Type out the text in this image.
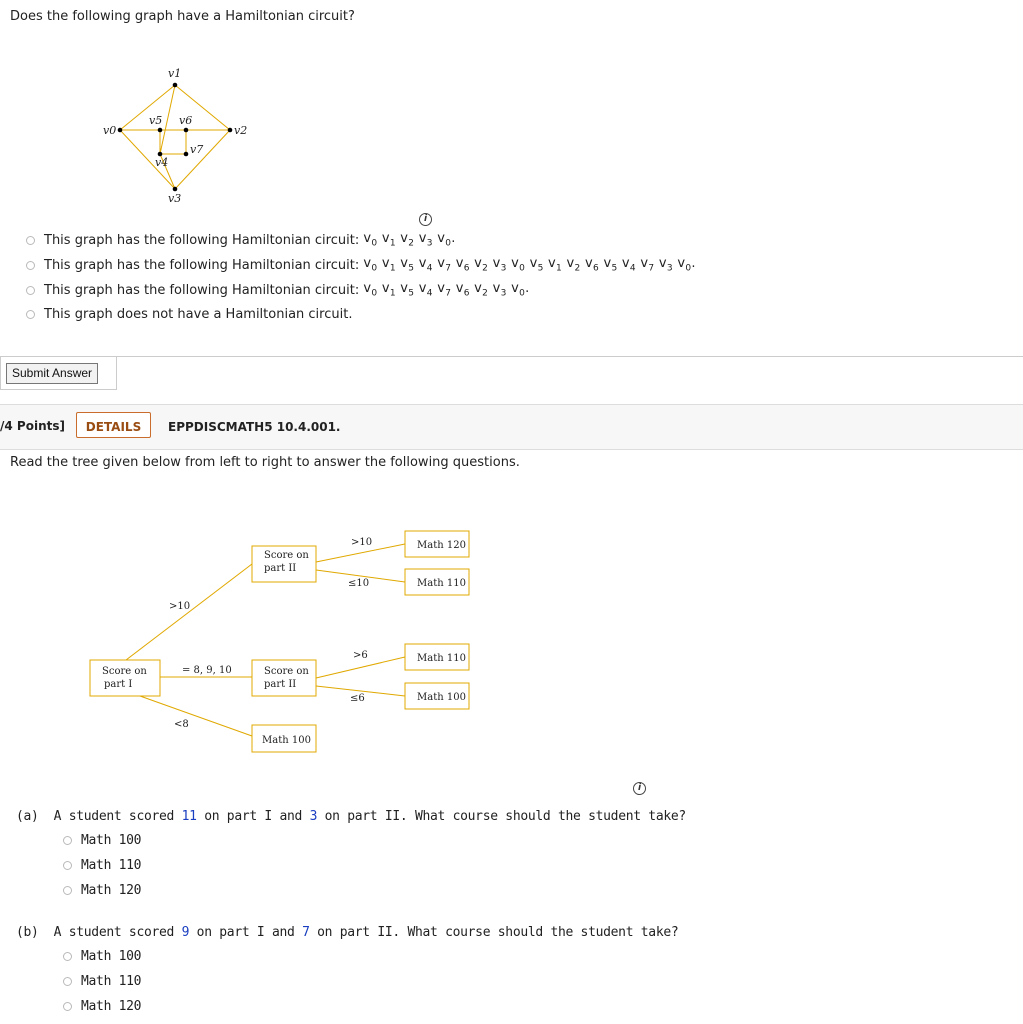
Does the following graph have a Hamiltonian circuit?
v1
v0	v2
v5 v6
v7
v4
v3
i
This graph has the following Hamiltonian circuit: $v_0$ $v_1$ $v_2$ $v_3$ $v_0$.
This graph has the following Hamiltonian circuit: $v_0$ $v_1$ $v_5$ $v_4$ $v_7$ $v_6$ $v_2$ $v_3$ $v_0$ $v_5$ $v_1$ $v_2$ $v_6$ $v_5$ $v_4$ $v_7$ $v_3$ $v_0$.
This graph has the following Hamiltonian circuit: $v_0$ $v_1$ $v_5$ $v_4$ $v_7$ $v_6$ $v_2$ $v_3$ $v_0$.
This graph does not have a Hamiltonian circuit.
Submit Answer
/4 Points]	DETAILS	EPPDISCMATH5 10.4.001.
Read the tree given below from left to right to answer the following questions.
Score on
part I
Score on
part II
Score on
part II
Math 100
>10
= 8, 9, 10
<8
>10
≤10
>6
≤6
Math 120
Math 110
Math 110
Math 100
i
(a) A student scored 11 on part I and 3 on part II. What course should the student take?
Math 100
Math 110
Math 120
(b) A student scored 9 on part I and 7 on part II. What course should the student take?
Math 100
Math 110
Math 120
